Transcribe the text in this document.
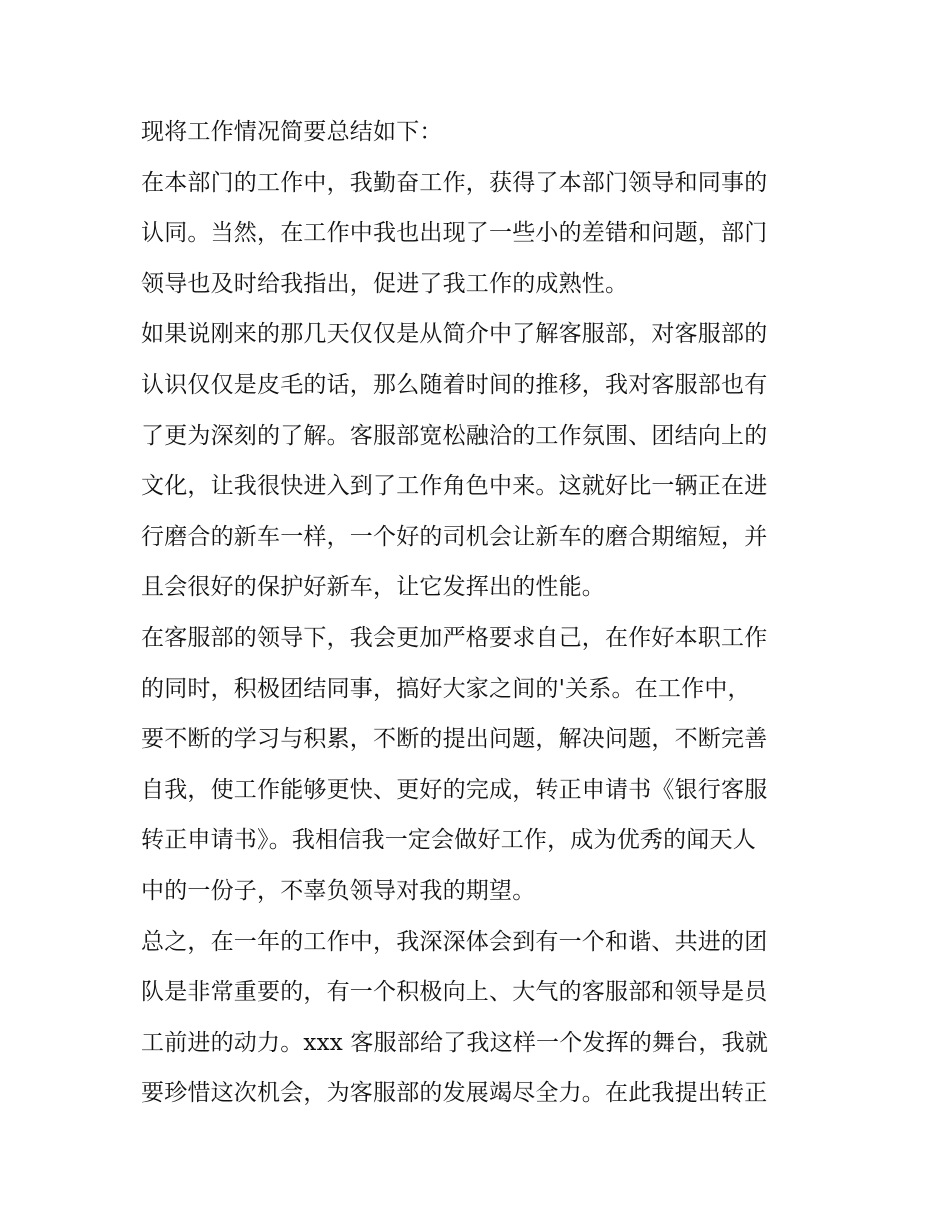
现将工作情况简要总结如下：
在本部门的工作中，我勤奋工作，获得了本部门领导和同事的
认同。当然，在工作中我也出现了一些小的差错和问题，部门
领导也及时给我指出，促进了我工作的成熟性。
如果说刚来的那几天仅仅是从简介中了解客服部，对客服部的
认识仅仅是皮毛的话，那么随着时间的推移，我对客服部也有
了更为深刻的了解。客服部宽松融洽的工作氛围、团结向上的
文化，让我很快进入到了工作角色中来。这就好比一辆正在进
行磨合的新车一样，一个好的司机会让新车的磨合期缩短，并
且会很好的保护好新车，让它发挥出的性能。
在客服部的领导下，我会更加严格要求自己，在作好本职工作
的同时，积极团结同事，搞好大家之间的'关系。在工作中，
要不断的学习与积累，不断的提出问题，解决问题，不断完善
自我，使工作能够更快、更好的完成，转正申请书《银行客服
转正申请书》。我相信我一定会做好工作，成为优秀的闻天人
中的一份子，不辜负领导对我的期望。
总之，在一年的工作中，我深深体会到有一个和谐、共进的团
队是非常重要的，有一个积极向上、大气的客服部和领导是员
工前进的动力。xxx 客服部给了我这样一个发挥的舞台，我就
要珍惜这次机会，为客服部的发展竭尽全力。在此我提出转正
